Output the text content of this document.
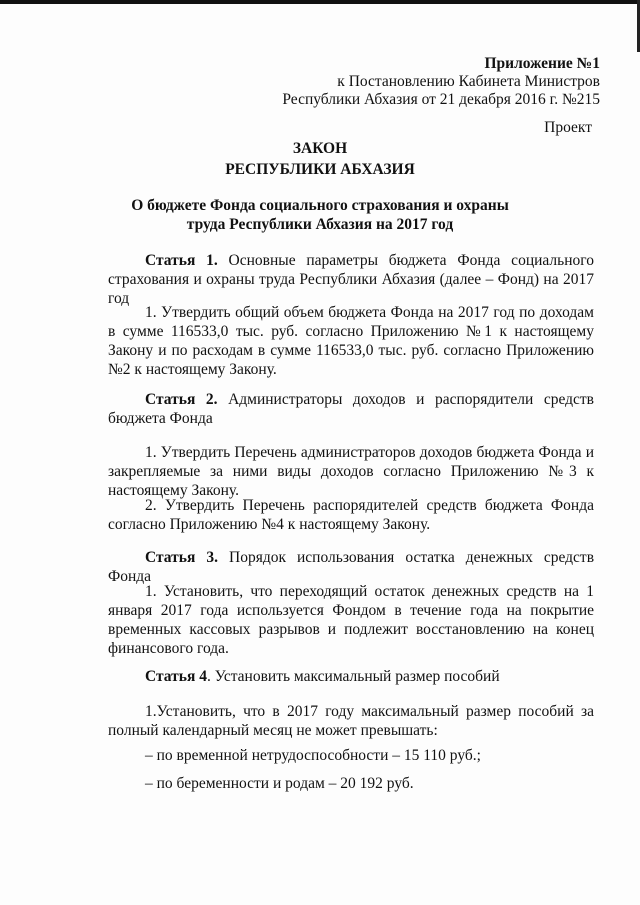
Приложение №1
к Постановлению Кабинета Министров
Республики Абхазия от 21 декабря 2016 г. №215
Проект
ЗАКОН
РЕСПУБЛИКИ АБХАЗИЯ
О бюджете Фонда социального страхования и охраны
труда Республики Абхазия на 2017 год
Статья 1. Основные параметры бюджета Фонда социального страхования и охраны труда Республики Абхазия (далее – Фонд) на 2017 год
1. Утвердить общий объем бюджета Фонда на 2017 год по доходам в сумме 116533,0 тыс. руб. согласно Приложению №1 к настоящему Закону и по расходам в сумме 116533,0 тыс. руб. согласно Приложению №2 к настоящему Закону.
Статья 2. Администраторы доходов и распорядители средств
бюджета Фонда
1. Утвердить Перечень администраторов доходов бюджета Фонда и закрепляемые за ними виды доходов согласно Приложению №3 к настоящему Закону.
2. Утвердить Перечень распорядителей средств бюджета Фонда согласно Приложению №4 к настоящему Закону.
Статья 3. Порядок использования остатка денежных средств Фонда
1. Установить, что переходящий остаток денежных средств на 1 января 2017 года используется Фондом в течение года на покрытие временных кассовых разрывов и подлежит восстановлению на конец финансового года.
Статья 4. Установить максимальный размер пособий
1.Установить, что в 2017 году максимальный размер пособий за полный календарный месяц не может превышать:
– по временной нетрудоспособности – 15 110 руб.;
– по беременности и родам – 20 192 руб.
